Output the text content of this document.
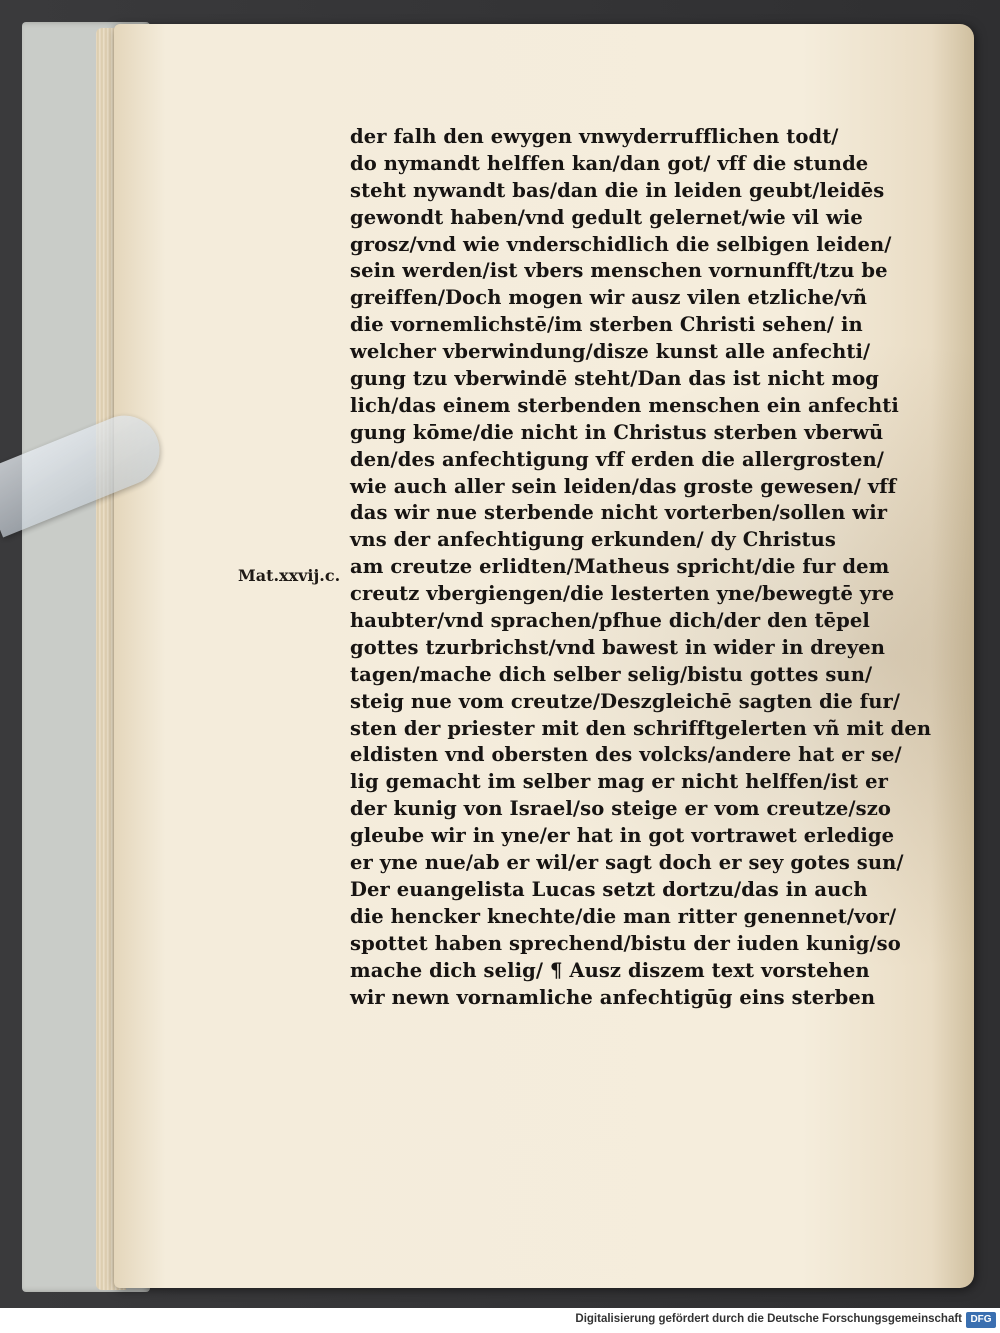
Mat.xxvij.c.
der falh den ewygen vnwyderrufflichen todt/
do nymandt helffen kan/dan got/ vff die stunde
steht nywandt bas/dan die in leiden geubt/leidēs
gewondt haben/vnd gedult gelernet/wie vil wie
grosz/vnd wie vnderschidlich die selbigen leiden/
sein werden/ist vbers menschen vornunfft/tzu be
greiffen/Doch mogen wir ausz vilen etzliche/vñ
die vornemlichstē/im sterben Christi sehen/ in
welcher vberwindung/disze kunst alle anfechti/
gung tzu vberwindē steht/Dan das ist nicht mog
lich/das einem sterbenden menschen ein anfechti
gung kōme/die nicht in Christus sterben vberwū
den/des anfechtigung vff erden die allergrosten/
wie auch aller sein leiden/das groste gewesen/ vff
das wir nue sterbende nicht vorterben/sollen wir
vns der anfechtigung erkunden/ dy Christus
am creutze erlidten/Matheus spricht/die fur dem
creutz vbergiengen/die lesterten yne/bewegtē yre
haubter/vnd sprachen/pfhue dich/der den tēpel
gottes tzurbrichst/vnd bawest in wider in dreyen
tagen/mache dich selber selig/bistu gottes sun/
steig nue vom creutze/Deszgleichē sagten die fur/
sten der priester mit den schrifftgelerten vñ mit den
eldisten vnd obersten des volcks/andere hat er se/
lig gemacht im selber mag er nicht helffen/ist er
der kunig von Israel/so steige er vom creutze/szo
gleube wir in yne/er hat in got vortrawet erledige
er yne nue/ab er wil/er sagt doch er sey gotes sun/
Der euangelista Lucas setzt dortzu/das in auch
die hencker knechte/die man ritter genennet/vor/
spottet haben sprechend/bistu der iuden kunig/so
mache dich selig/ ¶ Ausz diszem text vorstehen
wir newn vornamliche anfechtigūg eins sterben
Digitalisierung gefördert durch die Deutsche Forschungsgemeinschaft DFG
